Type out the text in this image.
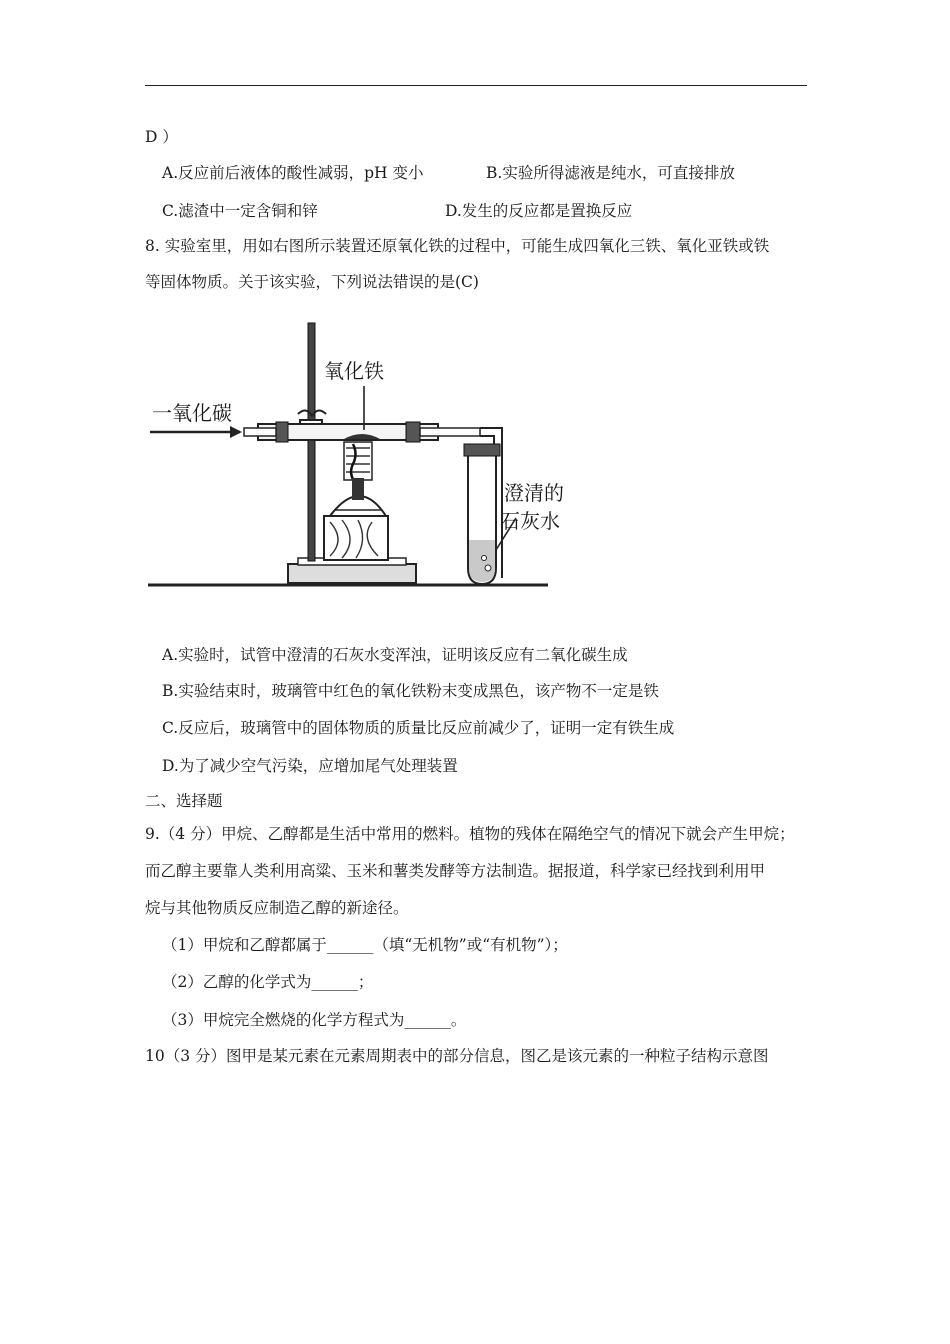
D ）
A.反应前后液体的酸性减弱，pH 变小	B.实验所得滤液是纯水，可直接排放
C.滤渣中一定含铜和锌	D.发生的反应都是置换反应
8. 实验室里，用如右图所示装置还原氧化铁的过程中，可能生成四氧化三铁、氧化亚铁或铁
等固体物质。关于该实验，下列说法错误的是(C)
一氧化碳
氧化铁
澄清的
石灰水
A.实验时，试管中澄清的石灰水变浑浊，证明该反应有二氧化碳生成
B.实验结束时，玻璃管中红色的氧化铁粉末变成黑色，该产物不一定是铁
C.反应后，玻璃管中的固体物质的质量比反应前减少了，证明一定有铁生成
D.为了减少空气污染，应增加尾气处理装置
二、选择题
9.（4 分）甲烷、乙醇都是生活中常用的燃料。植物的残体在隔绝空气的情况下就会产生甲烷；
而乙醇主要靠人类利用高粱、玉米和薯类发酵等方法制造。据报道，科学家已经找到利用甲
烷与其他物质反应制造乙醇的新途径。
（1）甲烷和乙醇都属于______（填“无机物”或“有机物”）；
（2）乙醇的化学式为______；
（3）甲烷完全燃烧的化学方程式为______。
10（3 分）图甲是某元素在元素周期表中的部分信息，图乙是该元素的一种粒子结构示意图
